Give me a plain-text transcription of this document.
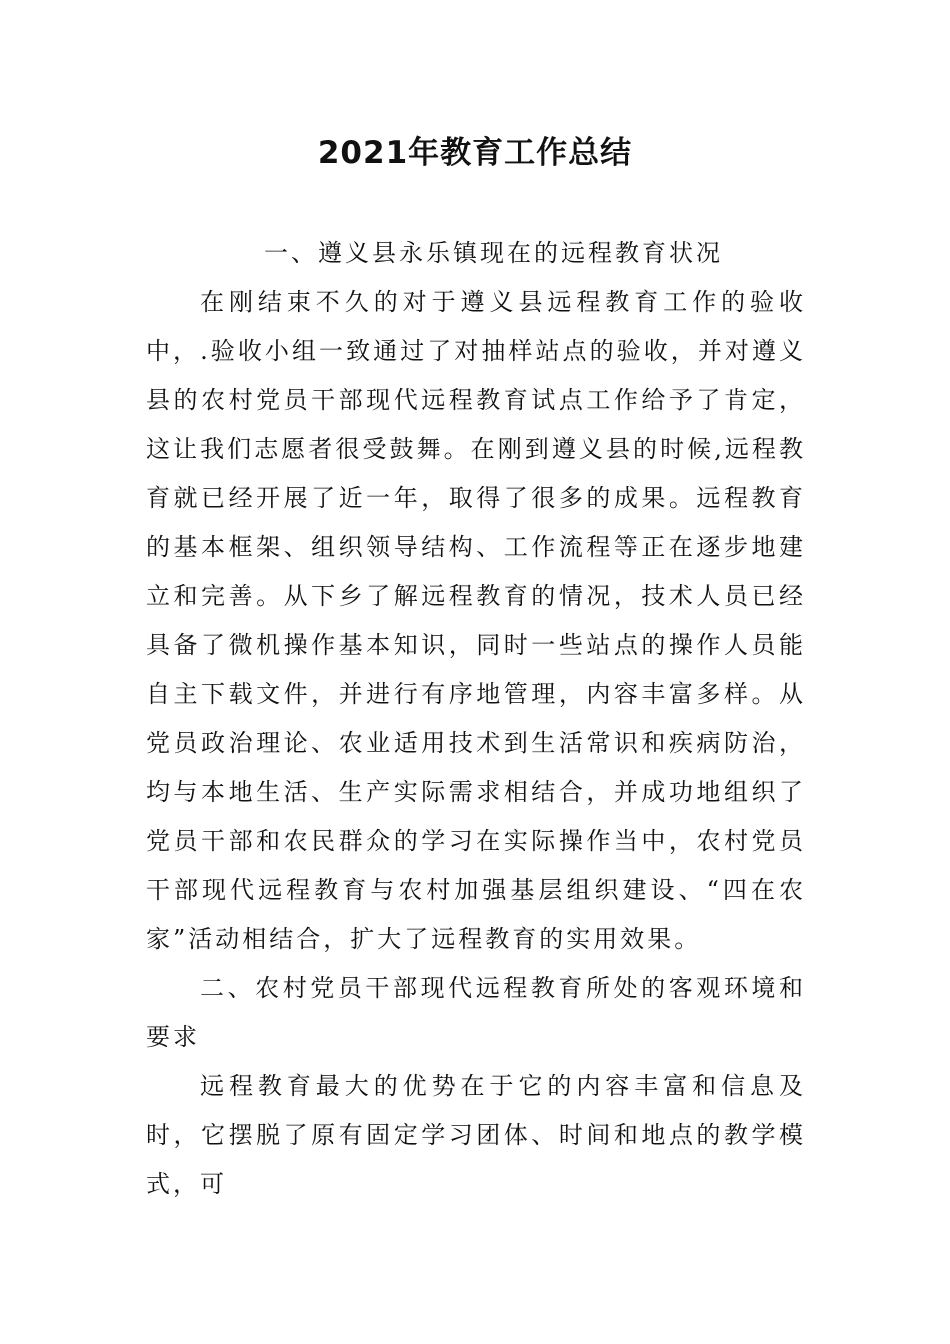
2021年教育工作总结

一、遵义县永乐镇现在的远程教育状况

在刚结束不久的对于遵义县远程教育工作的验收中，.验收小组一致通过了对抽样站点的验收，并对遵义县的农村党员干部现代远程教育试点工作给予了肯定，这让我们志愿者很受鼓舞。在刚到遵义县的时候,远程教育就已经开展了近一年，取得了很多的成果。远程教育的基本框架、组织领导结构、工作流程等正在逐步地建立和完善。从下乡了解远程教育的情况，技术人员已经具备了微机操作基本知识，同时一些站点的操作人员能自主下载文件，并进行有序地管理，内容丰富多样。从党员政治理论、农业适用技术到生活常识和疾病防治，均与本地生活、生产实际需求相结合，并成功地组织了党员干部和农民群众的学习在实际操作当中，农村党员干部现代远程教育与农村加强基层组织建设、“四在农家”活动相结合，扩大了远程教育的实用效果。

二、农村党员干部现代远程教育所处的客观环境和要求

远程教育最大的优势在于它的内容丰富和信息及时，它摆脱了原有固定学习团体、时间和地点的教学模式，可
